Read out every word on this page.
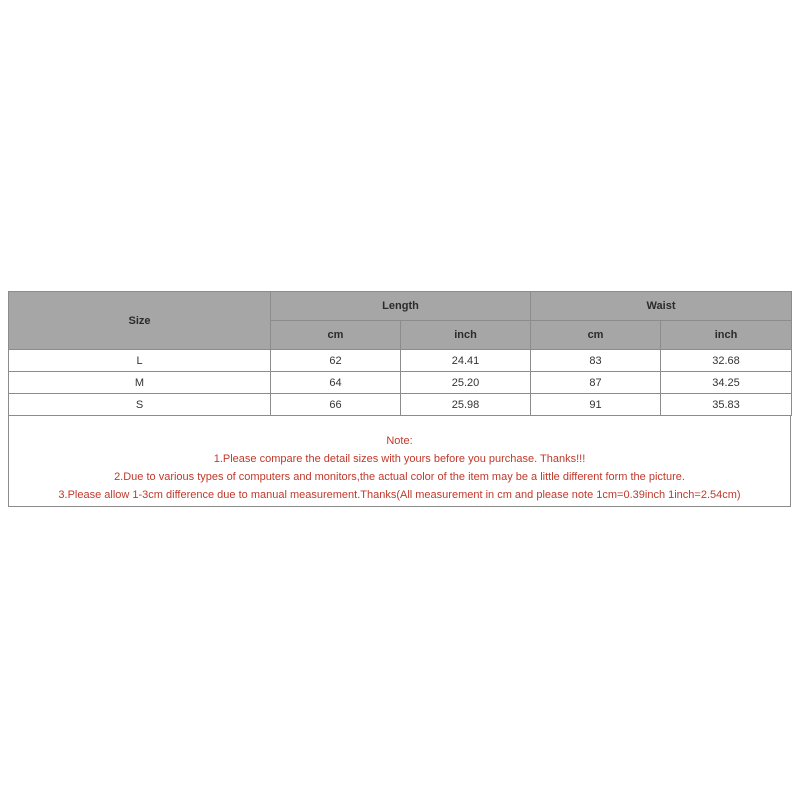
Size	Length		Waist	
	cm	inch	cm	inch
L	62	24.41	83	32.68
M	64	25.20	87	34.25
S	66	25.98	91	35.83
Note:
1.Please compare the detail sizes with yours before you purchase. Thanks!!!
2.Due to various types of computers and monitors,the actual color of the item may be a little different form the picture.
3.Please allow 1-3cm difference due to manual measurement.Thanks(All measurement in cm and please note 1cm=0.39inch 1inch=2.54cm)
